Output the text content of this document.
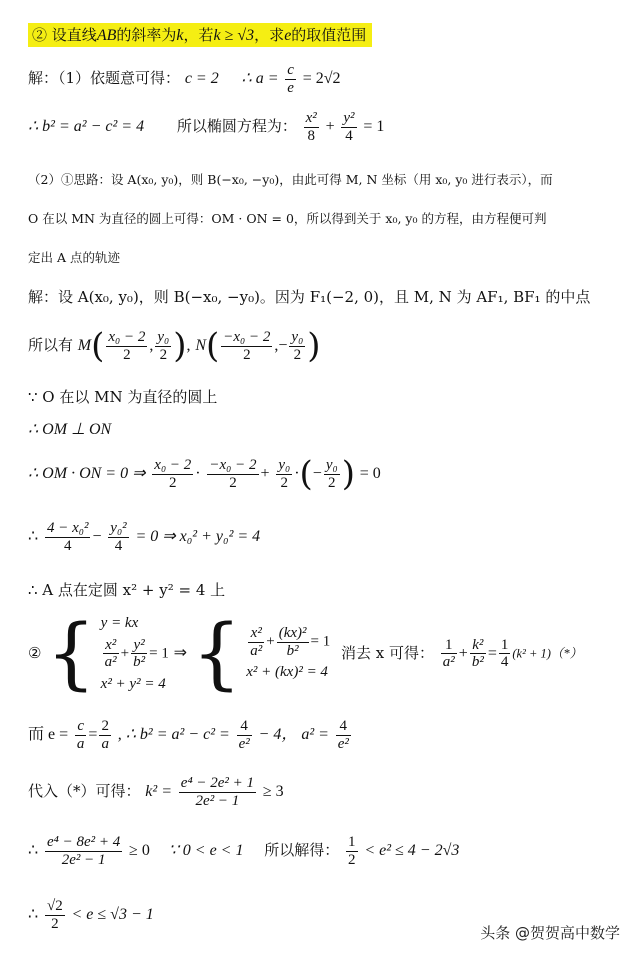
② 设直线AB的斜率为k，若k ≥ √3，求e的取值范围
解：（1）依题意可得： c = 2 ∴ $a = \frac{c}{e} = 2√2$
∴ b² = a² − c² = 4 所以椭圆方程为： $\frac{\text{x²}}{8} + \frac{\text{y²}}{4} = 1$
（2）①思路：设 A(x₀, y₀)，则 B(−x₀, −y₀)，由此可得 M, N 坐标（用 x₀, y₀ 进行表示），而
O 在以 MN 为直径的圆上可得：OM · ON = 0，所以得到关于 x₀, y₀ 的方程，由方程便可判
定出 A 点的轨迹
解：设 A(x₀, y₀)，则 B(−x₀, −y₀)。因为 F₁(−2, 0)，且 M, N 为 AF₁, BF₁ 的中点
所以有 $M( \frac{\text{x₀ − 2}}{2}$ , $\frac{\text{y₀}}{2}$ ), $N( \frac{\text{−x₀ − 2}}{2}$ ,− $\frac{\text{y₀}}{2}$ )
∵ O 在以 MN 为直径的圆上
∴ OM ⊥ ON
∴ OM · ON = 0 ⇒ $\frac{\text{x₀ − 2}}{2} \cdot \frac{\text{−x₀ − 2}}{2} + \frac{\text{y₀}}{2}$ ·(− $\frac{\text{y₀}}{2}$ ) = 0
∴ $\frac{\text{4 − x₀²}}{4} - \frac{\text{y₀²}}{4} = 0$ ⇒ x₀² + y₀² = 4
∴ A 点在定圆 x² + y² = 4 上
② { y = kx
$\frac{\text{x²}}{\text{a²}} + \frac{\text{y²}}{\text{b²}} = 1$
x² + y² = 4
⇒ { $\frac{\text{x²}}{\text{a²}} + \frac{\text{(kx)²}}{\text{b²}} = 1$
x² + (kx)² = 4
消去 x 可得： $\frac{1}{\text{a²}} + \frac{\text{k²}}{\text{b²}} = \frac{1}{4} (k^2 + 1)(*)$
而 $e = \frac{c}{a} = \frac{2}{a}$ , ∴ $b^2 = a^2 - c^2 = \frac{4}{\text{e²}} - 4$， $a^2 = \frac{4}{\text{e²}}$
代入（*）可得： $k^2 = \frac{\text{e⁴ − 2e² + 1}}{\text{2e² − 1}} \ge 3$
∴ $\frac{\text{e⁴ − 8e² + 4}}{\text{2e² − 1}} \ge 0$ ∵ 0 < e < 1 所以解得： $\frac{1}{2} < e^2 \le 4 - 2√3$
∴ $\frac{√2}{2} < e \le √3 - 1$
头条 @贺贺高中数学
